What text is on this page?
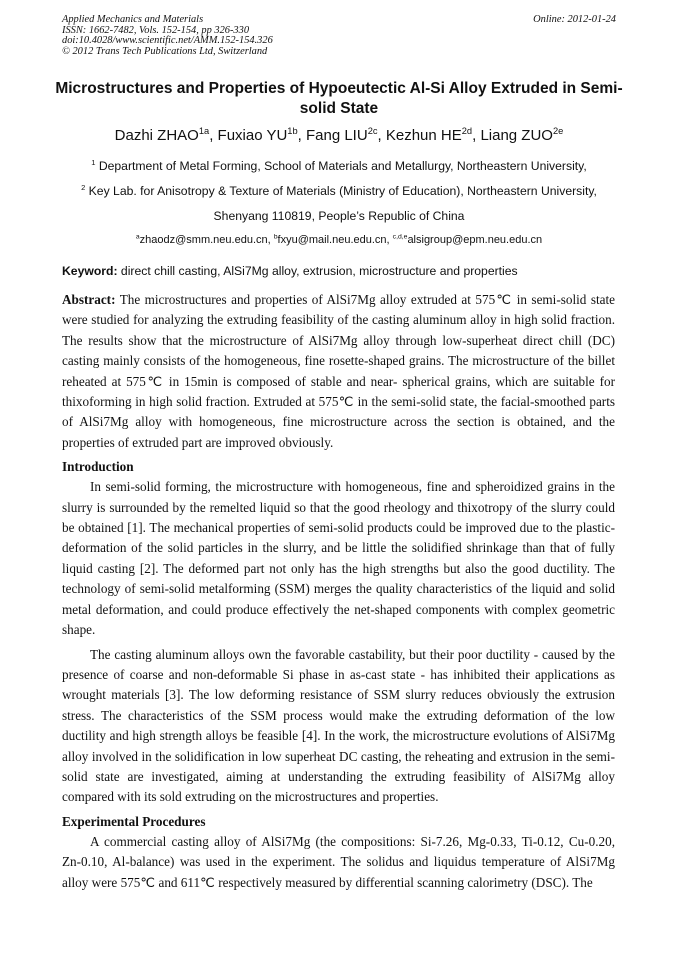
Applied Mechanics and Materials
ISSN: 1662-7482, Vols. 152-154, pp 326-330
doi:10.4028/www.scientific.net/AMM.152-154.326
© 2012 Trans Tech Publications Ltd, Switzerland
Online: 2012-01-24
Microstructures and Properties of Hypoeutectic Al-Si Alloy Extruded in Semi-solid State
Dazhi $ZHAO^{1a}$, Fuxiao $YU^{1b}$, Fang $LIU^{2c}$, Kezhun $HE^{2d}$, Liang $ZUO^{2e}$
$^1$ Department of Metal Forming, School of Materials and Metallurgy, Northeastern University,
$^2$ Key Lab. for Anisotropy & Texture of Materials (Ministry of Education), Northeastern University,
Shenyang 110819, People’s Republic of China
$^a$zhaodz@smm.neu.edu.cn, $^b$fxyu@mail.neu.edu.cn, $^{c,d,e}$alsigroup@epm.neu.edu.cn
Keyword: direct chill casting, AlSi7Mg alloy, extrusion, microstructure and properties

Abstract: The microstructures and properties of AlSi7Mg alloy extruded at 575℃ in semi-solid state were studied for analyzing the extruding feasibility of the casting aluminum alloy in high solid fraction. The results show that the microstructure of AlSi7Mg alloy through low-superheat direct chill (DC) casting mainly consists of the homogeneous, fine rosette-shaped grains. The microstructure of the billet reheated at 575℃ in 15min is composed of stable and near- spherical grains, which are suitable for thixoforming in high solid fraction. Extruded at 575℃ in the semi-solid state, the facial-smoothed parts of AlSi7Mg alloy with homogeneous, fine microstructure across the section is obtained, and the properties of extruded part are improved obviously.

Introduction

In semi-solid forming, the microstructure with homogeneous, fine and spheroidized grains in the slurry is surrounded by the remelted liquid so that the good rheology and thixotropy of the slurry could be obtained [1]. The mechanical properties of semi-solid products could be improved due to the plastic-deformation of the solid particles in the slurry, and be little the solidified shrinkage than that of fully liquid casting [2]. The deformed part not only has the high strengths but also the good ductility. The technology of semi-solid metalforming (SSM) merges the quality characteristics of the liquid and solid metal deformation, and could produce effectively the net-shaped components with complex geometric shape.

The casting aluminum alloys own the favorable castability, but their poor ductility - caused by the presence of coarse and non-deformable Si phase in as-cast state - has inhibited their applications as wrought materials [3]. The low deforming resistance of SSM slurry reduces obviously the extrusion stress. The characteristics of the SSM process would make the extruding deformation of the low ductility and high strength alloys be feasible [4]. In the work, the microstructure evolutions of AlSi7Mg alloy involved in the solidification in low superheat DC casting, the reheating and extrusion in the semi-solid state are investigated, aiming at understanding the extruding feasibility of AlSi7Mg alloy compared with its sold extruding on the microstructures and properties.

Experimental Procedures

A commercial casting alloy of AlSi7Mg (the compositions: Si-7.26, Mg-0.33, Ti-0.12, Cu-0.20, Zn-0.10, Al-balance) was used in the experiment. The solidus and liquidus temperature of AlSi7Mg alloy were 575℃ and 611℃ respectively measured by differential scanning calorimetry (DSC). The
